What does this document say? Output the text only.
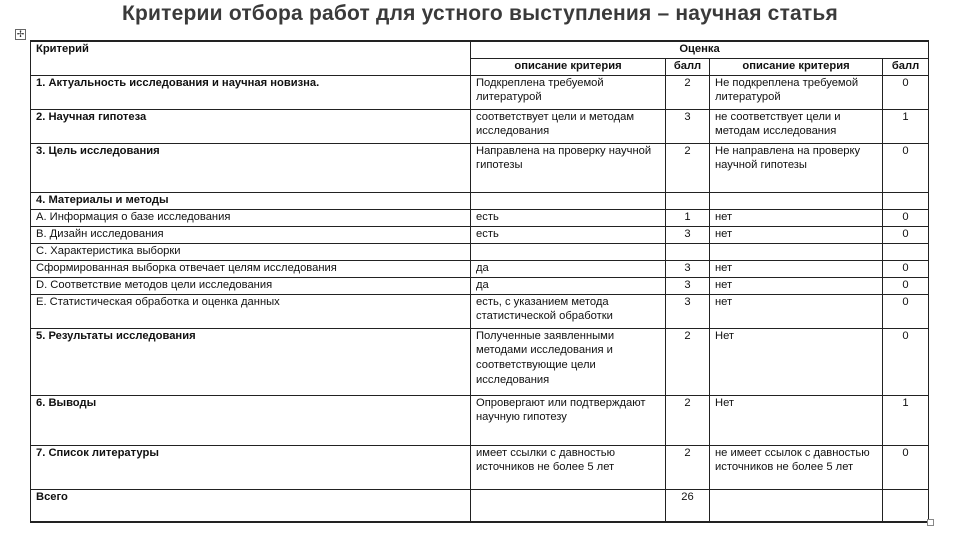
Критерии отбора работ для устного выступления – научная статья
✢
Критерий	Оценка			
	описание критерия	балл	описание критерия	балл
1. Актуальность исследования и научная новизна.	Подкреплена требуемой литературой	2	Не подкреплена требуемой литературой	0
2. Научная гипотеза	соответствует цели и методам исследования	3	не соответствует цели и методам исследования	1
3. Цель исследования	Направлена на проверку научной гипотезы	2	Не направлена на проверку научной гипотезы	0
4. Материалы и методы				
A. Информация о базе исследования	есть	1	нет	0
B. Дизайн исследования	есть	3	нет	0
C. Характеристика выборки				
Сформированная выборка отвечает целям исследования	да	3	нет	0
D. Соответствие методов цели исследования	да	3	нет	0
E. Статистическая обработка и оценка данных	есть, с указанием метода статистической обработки	3	нет	0
5. Результаты исследования	Полученные заявленными методами исследования и соответствующие цели исследования	2	Нет	0
6. Выводы	Опровергают или подтверждают научную гипотезу	2	Нет	1
7. Список литературы	имеет ссылки с давностью источников не более 5 лет	2	не имеет ссылок с давностью источников не более 5 лет	0
Всего		26		
